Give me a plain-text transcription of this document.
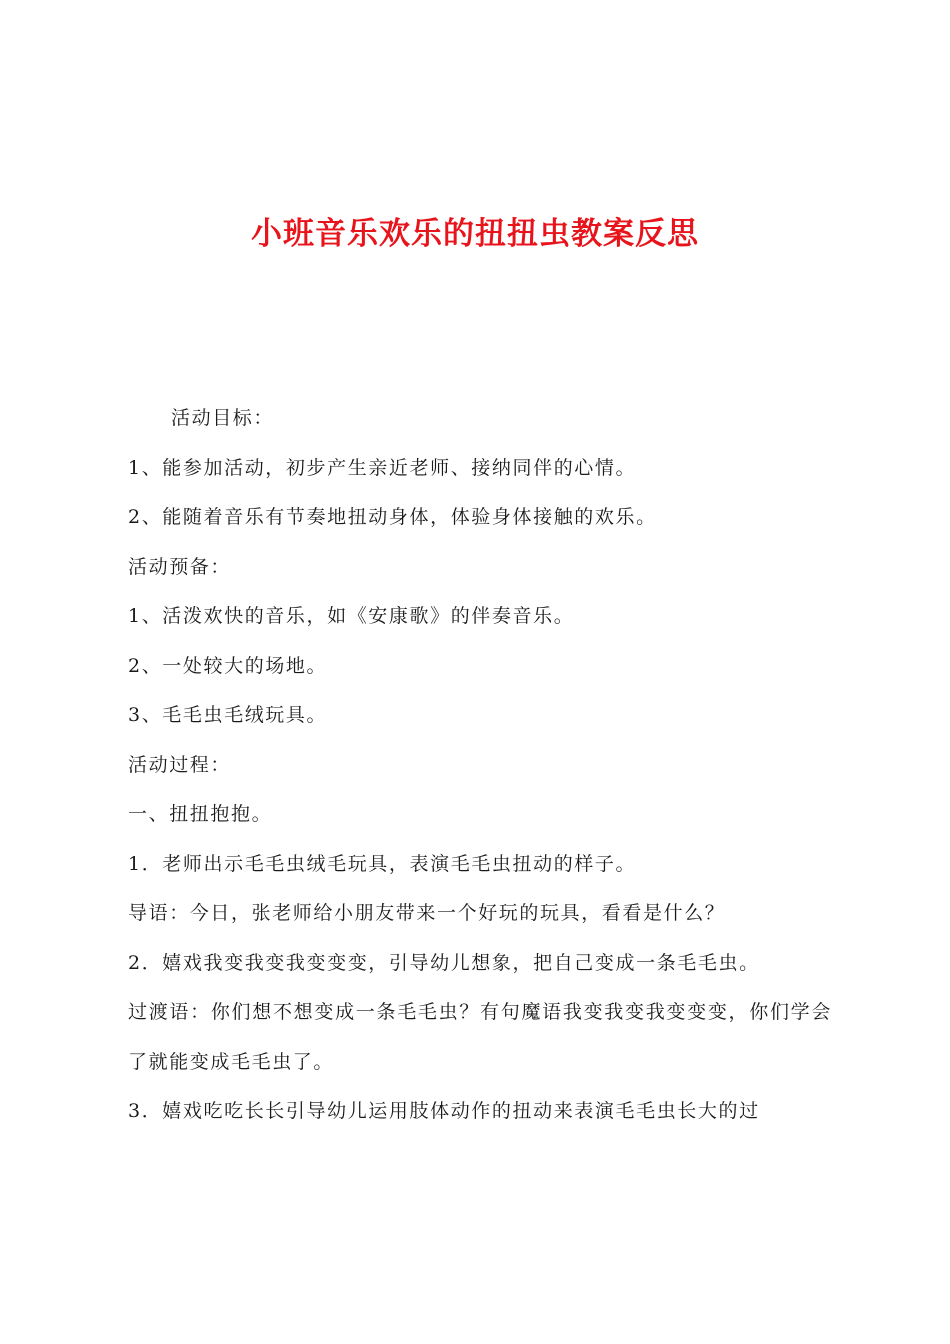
小班音乐欢乐的扭扭虫教案反思

活动目标：

1、能参加活动，初步产生亲近老师、接纳同伴的心情。

2、能随着音乐有节奏地扭动身体，体验身体接触的欢乐。

活动预备：

1、活泼欢快的音乐，如《安康歌》的伴奏音乐。

2、一处较大的场地。

3、毛毛虫毛绒玩具。

活动过程：

一、扭扭抱抱。

1．老师出示毛毛虫绒毛玩具，表演毛毛虫扭动的样子。

导语：今日，张老师给小朋友带来一个好玩的玩具，看看是什么？

2．嬉戏我变我变我变变变，引导幼儿想象，把自己变成一条毛毛虫。

过渡语：你们想不想变成一条毛毛虫？有句魔语我变我变我变变变，你们学会了就能变成毛毛虫了。

3．嬉戏吃吃长长引导幼儿运用肢体动作的扭动来表演毛毛虫长大的过
